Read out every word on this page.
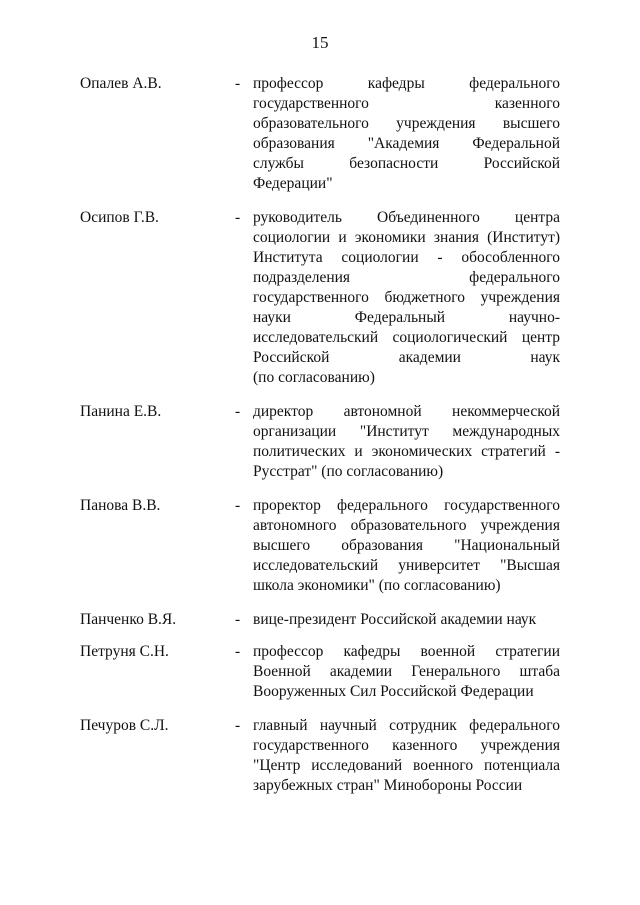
15
Опалев А.В.	- профессор кафедры федерального
государственного казенного
образовательного учреждения высшего
образования "Академия Федеральной
службы безопасности Российской
Федерации"
Осипов Г.В.	- руководитель Объединенного центра
социологии и экономики знания (Институт)
Института социологии - обособленного
подразделения федерального
государственного бюджетного учреждения
науки Федеральный научно-
исследовательский социологический центр
Российской академии наук
(по согласованию)
Панина Е.В.	- директор автономной некоммерческой
организации "Институт международных
политических и экономических стратегий -
Русстрат" (по согласованию)
Панова В.В.	- проректор федерального государственного
автономного образовательного учреждения
высшего образования "Национальный
исследовательский университет "Высшая
школа экономики" (по согласованию)
Панченко В.Я.	- вице-президент Российской академии наук
Петруня С.Н.	- профессор кафедры военной стратегии
Военной академии Генерального штаба
Вооруженных Сил Российской Федерации
Печуров С.Л.	- главный научный сотрудник федерального
государственного казенного учреждения
"Центр исследований военного потенциала
зарубежных стран" Минобороны России
